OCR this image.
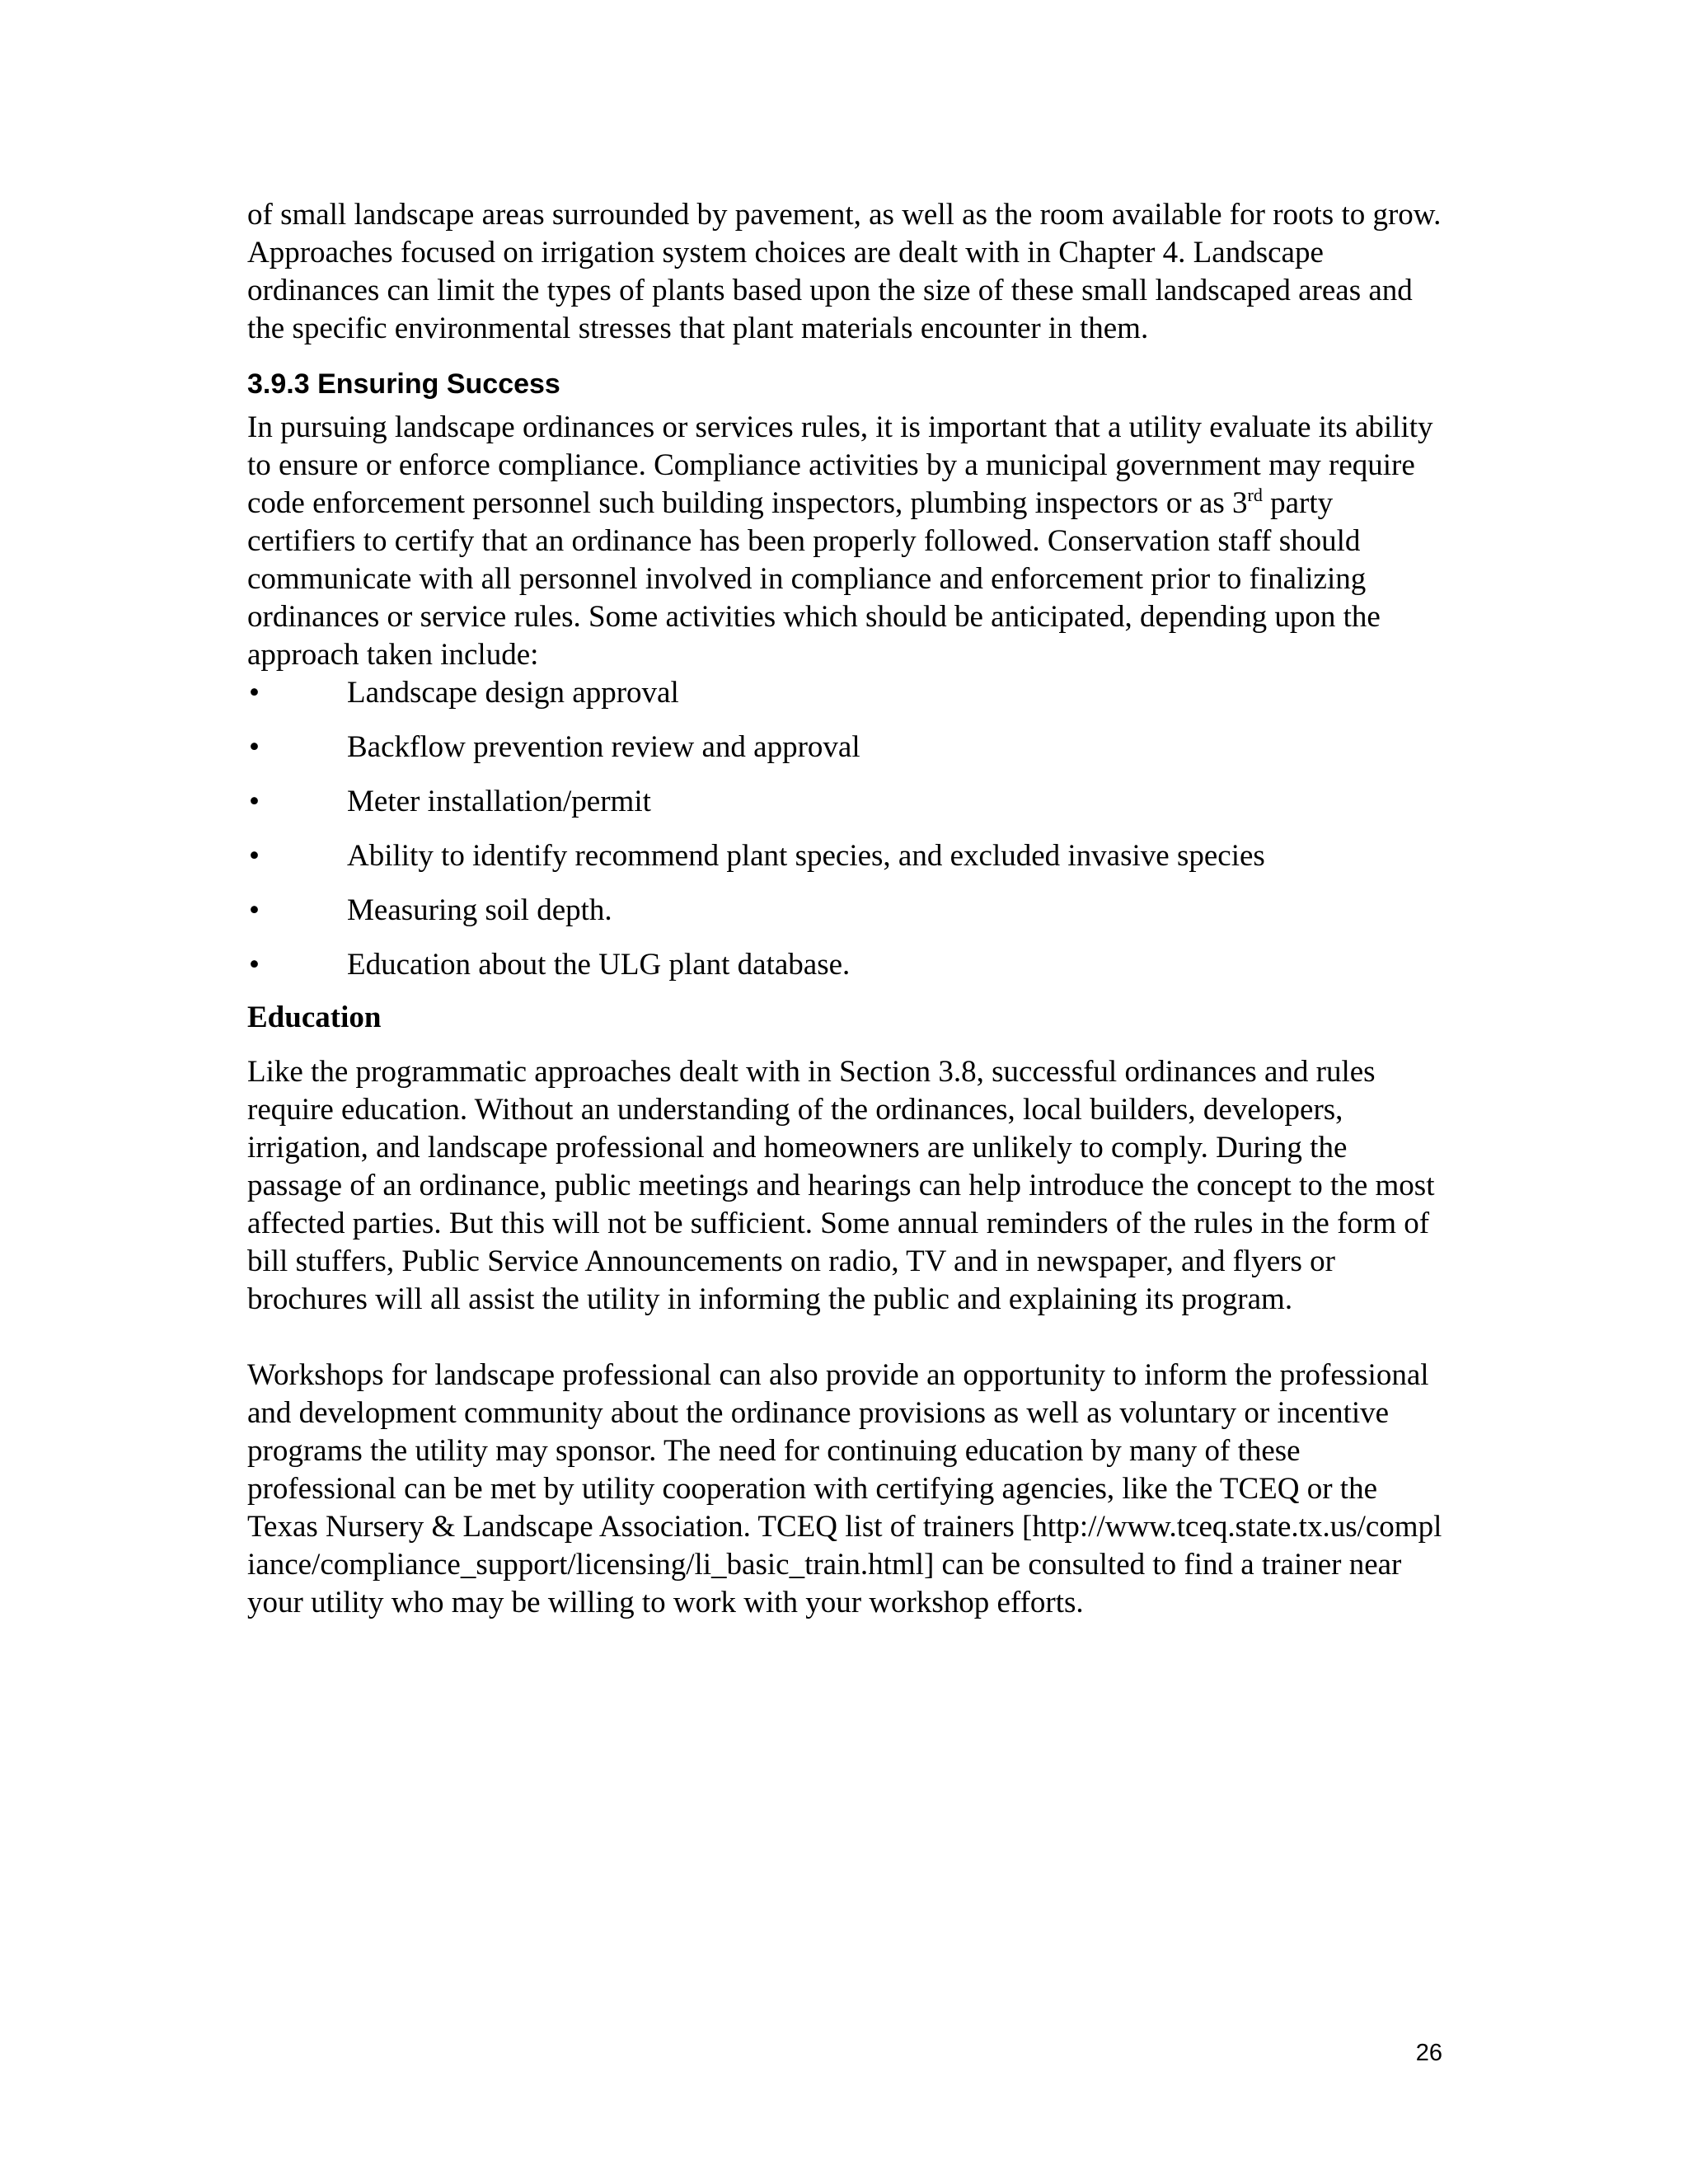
of small landscape areas surrounded by pavement, as well as the room available for roots to grow. Approaches focused on irrigation system choices are dealt with in Chapter 4. Landscape ordinances can limit the types of plants based upon the size of these small landscaped areas and the specific environmental stresses that plant materials encounter in them.

3.9.3 Ensuring Success

In pursuing landscape ordinances or services rules, it is important that a utility evaluate its ability to ensure or enforce compliance. Compliance activities by a municipal government may require code enforcement personnel such building inspectors, plumbing inspectors or as 3rd party certifiers to certify that an ordinance has been properly followed. Conservation staff should communicate with all personnel involved in compliance and enforcement prior to finalizing ordinances or service rules. Some activities which should be anticipated, depending upon the approach taken include:

•	Landscape design approval
•	Backflow prevention review and approval
•	Meter installation/permit
•	Ability to identify recommend plant species, and excluded invasive species
•	Measuring soil depth.
•	Education about the ULG plant database.
Education

Like the programmatic approaches dealt with in Section 3.8, successful ordinances and rules require education. Without an understanding of the ordinances, local builders, developers, irrigation, and landscape professional and homeowners are unlikely to comply. During the passage of an ordinance, public meetings and hearings can help introduce the concept to the most affected parties. But this will not be sufficient. Some annual reminders of the rules in the form of bill stuffers, Public Service Announcements on radio, TV and in newspaper, and flyers or brochures will all assist the utility in informing the public and explaining its program.

Workshops for landscape professional can also provide an opportunity to inform the professional and development community about the ordinance provisions as well as voluntary or incentive programs the utility may sponsor. The need for continuing education by many of these professional can be met by utility cooperation with certifying agencies, like the TCEQ or the Texas Nursery & Landscape Association. TCEQ list of trainers [http://www.tceq.state.tx.us/compliance/compliance_support/licensing/li_basic_train.html] can be consulted to find a trainer near your utility who may be willing to work with your workshop efforts.

26
